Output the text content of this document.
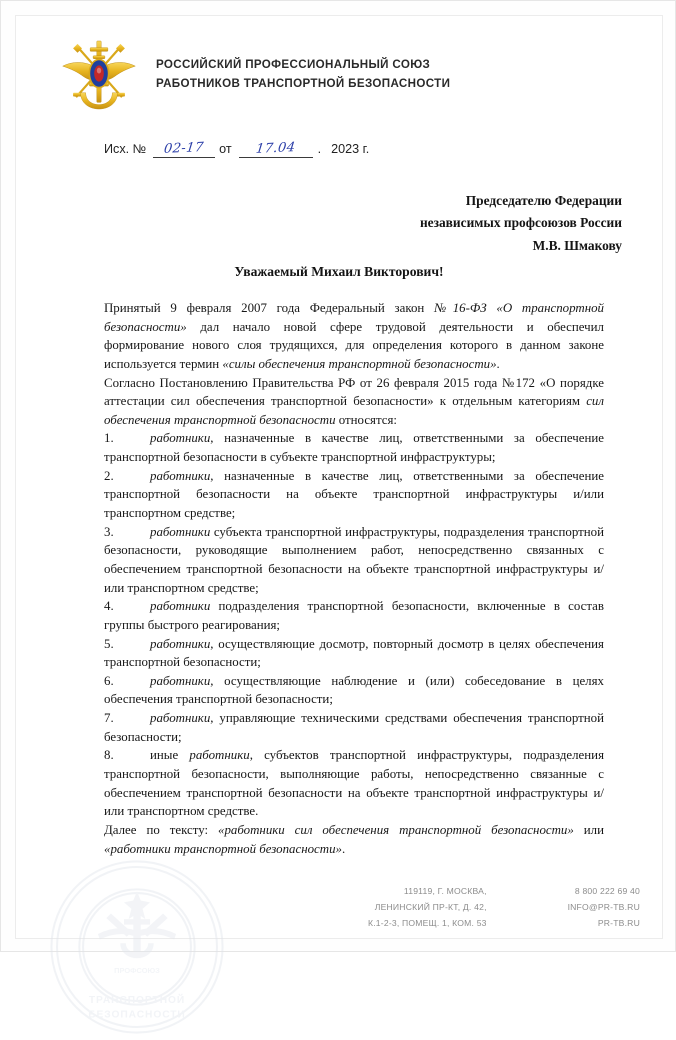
ТРАНСПОРТНОЙ
БЕЗОПАСНОСТИ
ПРОФСОЮЗ
РОССИЙСКИЙ ПРОФЕССИОНАЛЬНЫЙ СОЮЗ
РАБОТНИКОВ ТРАНСПОРТНОЙ БЕЗОПАСНОСТИ
Исх. №	02-17	от	17.04	. 2023 г.
Председателю Федерации
независимых профсоюзов России
М.В. Шмакову
Уважаемый Михаил Викторович!

Принятый 9 февраля 2007 года Федеральный закон №16-ФЗ «О транспортной безопасности» дал начало новой сфере трудовой деятельности и обеспечил формирование нового слоя трудящихся, для определения которого в данном законе используется термин «силы обеспечения транспортной безопасности».

Согласно Постановлению Правительства РФ от 26 февраля 2015 года №172 «О порядке аттестации сил обеспечения транспортной безопасности» к отдельным категориям сил обеспечения транспортной безопасности относятся:

1.	работники, назначенные в качестве лиц, ответственными за обеспечение транспортной безопасности в субъекте транспортной инфраструктуры;

2.	работники, назначенные в качестве лиц, ответственными за обеспечение транспортной безопасности на объекте транспортной инфраструктуры и/или транспортном средстве;

3.	работники субъекта транспортной инфраструктуры, подразделения транспортной безопасности, руководящие выполнением работ, непосредственно связанных с обеспечением транспортной безопасности на объекте транспортной инфраструктуры и/или транспортном средстве;

4.	работники подразделения транспортной безопасности, включенные в состав группы быстрого реагирования;

5.	работники, осуществляющие досмотр, повторный досмотр в целях обеспечения транспортной безопасности;

6.	работники, осуществляющие наблюдение и (или) собеседование в целях обеспечения транспортной безопасности;

7.	работники, управляющие техническими средствами обеспечения транспортной безопасности;

8.	иные работники, субъектов транспортной инфраструктуры, подразделения транспортной безопасности, выполняющие работы, непосредственно связанные с обеспечением транспортной безопасности на объекте транспортной инфраструктуры и/или транспортном средстве.

Далее по тексту: «работники сил обеспечения транспортной безопасности» или «работники транспортной безопасности».

119119, Г. МОСКВА,
ЛЕНИНСКИЙ ПР-КТ, Д. 42,
К.1-2-3, ПОМЕЩ. 1, КОМ. 53
8 800 222 69 40
INFO@PR-TB.RU
PR-TB.RU
